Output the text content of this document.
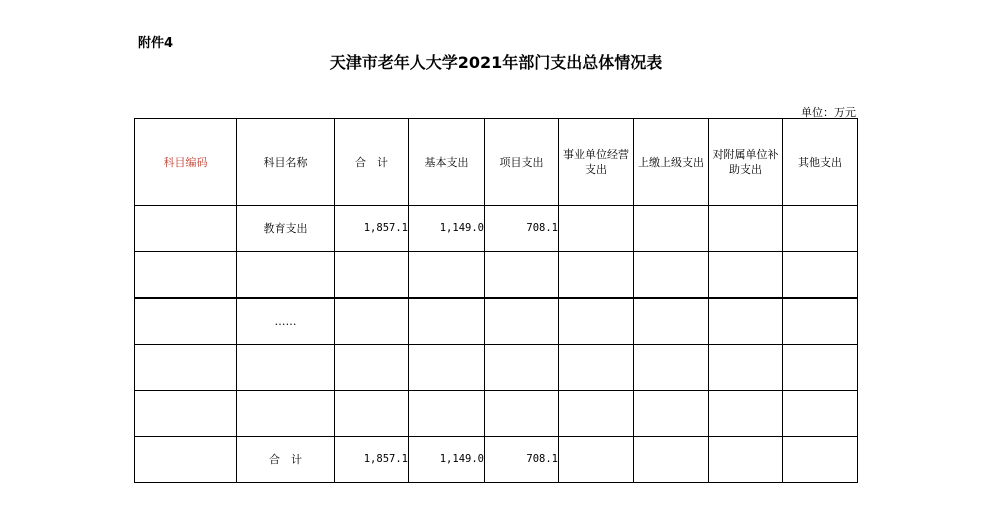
附件4
天津市老年人大学2021年部门支出总体情况表
单位：万元
科目编码	科目名称	合　计	基本支出	项目支出	事业单位经营支出	上缴上级支出	对附属单位补助支出	其他支出
	教育支出	1,857.1	1,149.0	708.1				

	……							

	合　计	1,857.1	1,149.0	708.1				
